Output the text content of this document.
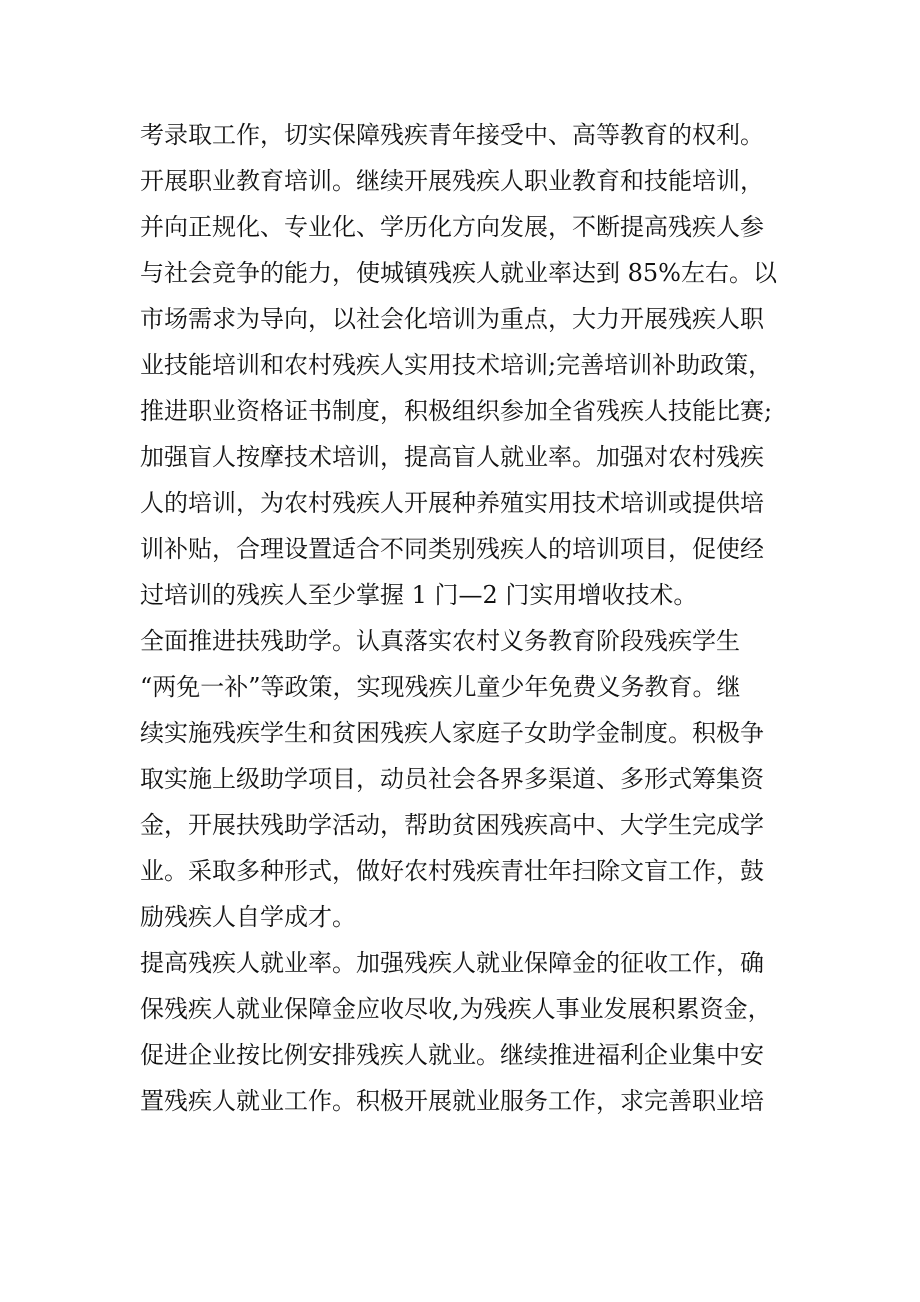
考录取工作，切实保障残疾青年接受中、高等教育的权利。
开展职业教育培训。继续开展残疾人职业教育和技能培训，
并向正规化、专业化、学历化方向发展，不断提高残疾人参
与社会竞争的能力，使城镇残疾人就业率达到 85%左右。以
市场需求为导向，以社会化培训为重点，大力开展残疾人职
业技能培训和农村残疾人实用技术培训;完善培训补助政策，
推进职业资格证书制度，积极组织参加全省残疾人技能比赛;
加强盲人按摩技术培训，提高盲人就业率。加强对农村残疾
人的培训，为农村残疾人开展种养殖实用技术培训或提供培
训补贴，合理设置适合不同类别残疾人的培训项目，促使经
过培训的残疾人至少掌握 1 门—2 门实用增收技术。
全面推进扶残助学。认真落实农村义务教育阶段残疾学生
“两免一补”等政策，实现残疾儿童少年免费义务教育。继
续实施残疾学生和贫困残疾人家庭子女助学金制度。积极争
取实施上级助学项目，动员社会各界多渠道、多形式筹集资
金，开展扶残助学活动，帮助贫困残疾高中、大学生完成学
业。采取多种形式，做好农村残疾青壮年扫除文盲工作，鼓
励残疾人自学成才。
提高残疾人就业率。加强残疾人就业保障金的征收工作，确
保残疾人就业保障金应收尽收,为残疾人事业发展积累资金，
促进企业按比例安排残疾人就业。继续推进福利企业集中安
置残疾人就业工作。积极开展就业服务工作，求完善职业培
